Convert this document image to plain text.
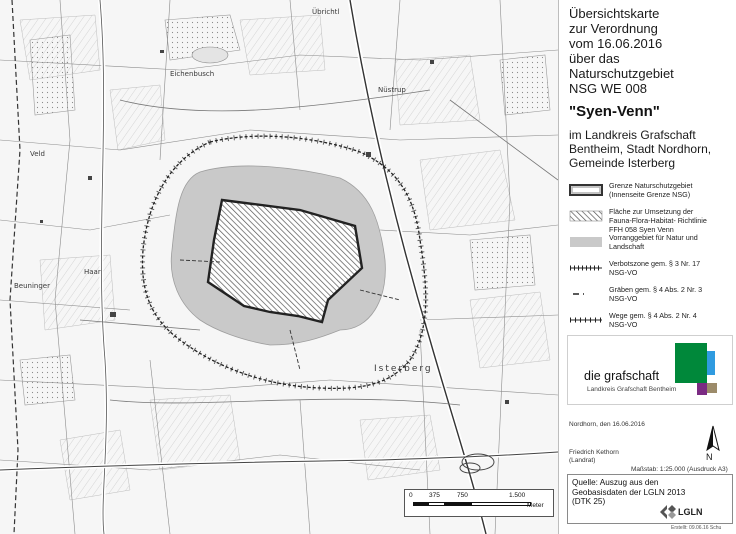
Übrichtl
Nüstrup
Isterberg
Haar
Veld
Beuninger
Eichenbusch
0	375	750	1.500
Meter
Übersichtskarte
zur Verordnung
vom 16.06.2016
über das
Naturschutzgebiet
NSG WE 008
"Syen-Venn"
im Landkreis Grafschaft
Bentheim, Stadt Nordhorn,
Gemeinde Isterberg
Grenze Naturschutzgebiet
(Innenseite Grenze NSG)
Fläche zur Umsetzung der
Fauna-Flora-Habitat- Richtlinie
FFH 058 Syen Venn
Vorranggebiet für Natur und
Landschaft
Verbotszone gem. § 3 Nr. 17
NSG-VO
Gräben gem. § 4 Abs. 2 Nr. 3
NSG-VO
Wege gem. § 4 Abs. 2 Nr. 4
NSG-VO
die grafschaft
Landkreis Grafschaft Bentheim
Nordhorn, den 16.06.2016
Friedrich Kethorn
(Landrat)	N
Maßstab: 1:25.000 (Ausdruck A3)
Quelle: Auszug aus den
Geobasisdaten der LGLN 2013
(DTK 25)
LGLN
Erstellt: 09.06.16 Schu
